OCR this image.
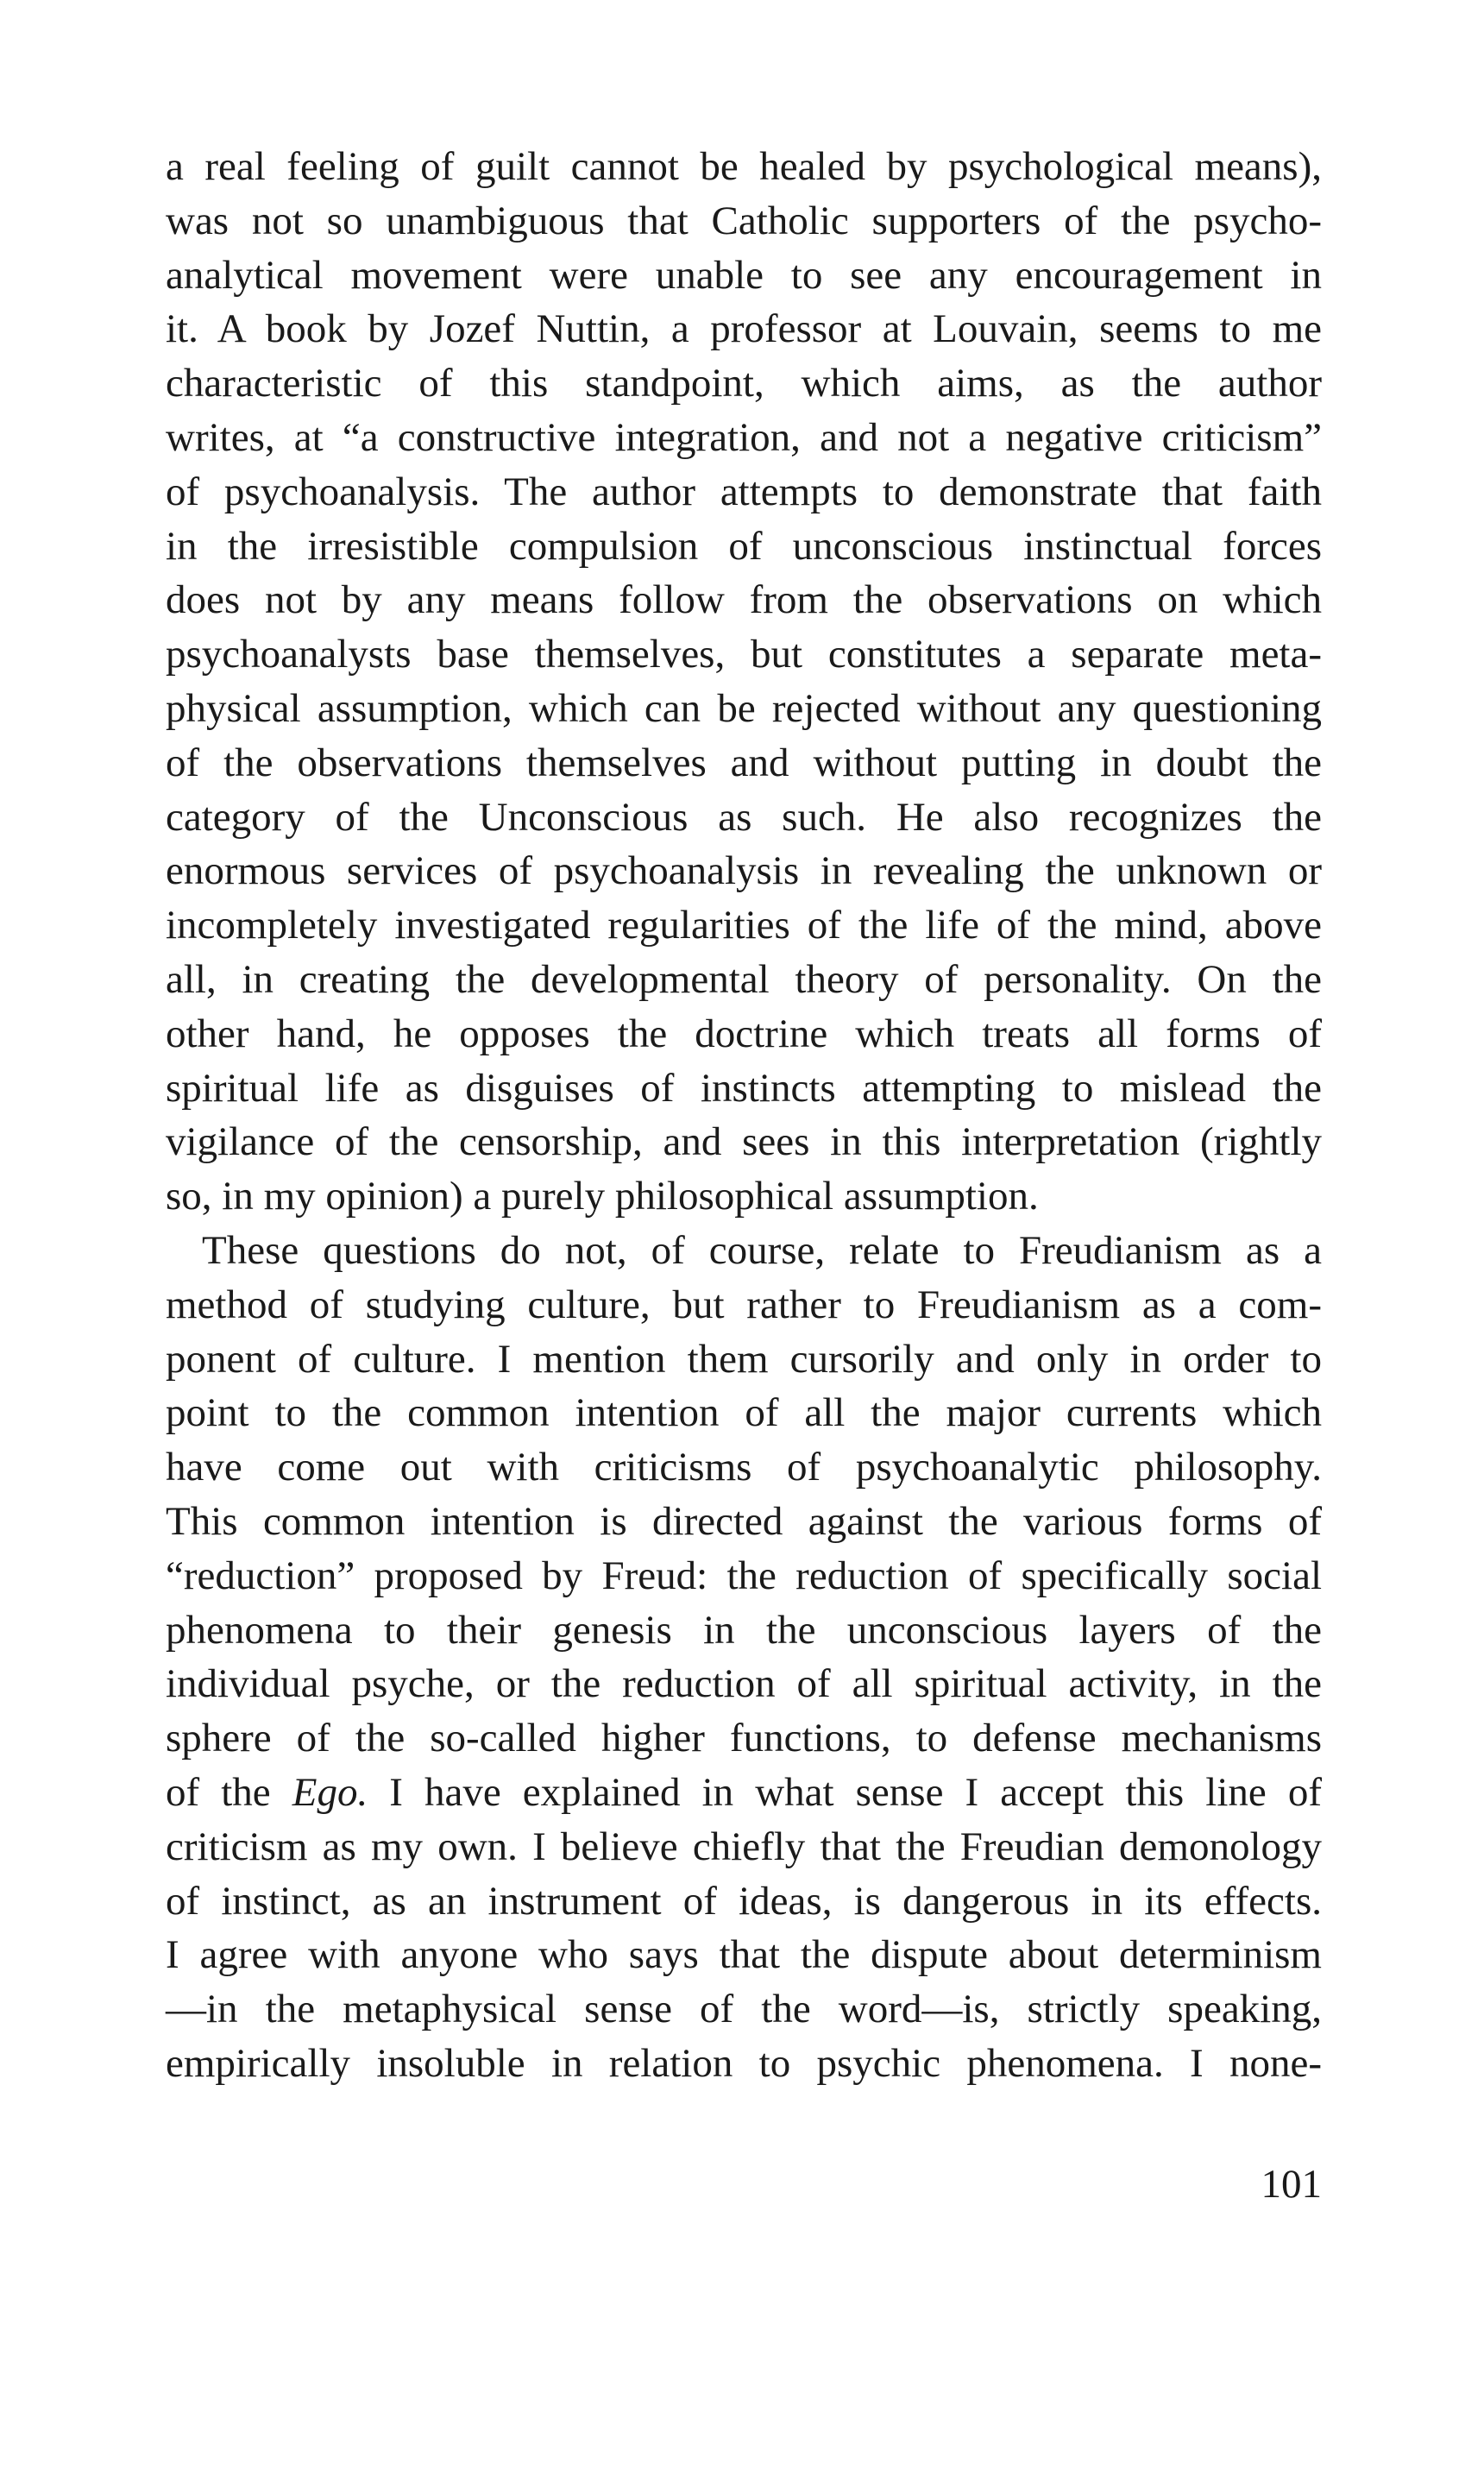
a real feeling of guilt cannot be healed by psychological means),
was not so unambiguous that Catholic supporters of the psycho-
analytical movement were unable to see any encouragement in
it. A book by Jozef Nuttin, a professor at Louvain, seems to me
characteristic of this standpoint, which aims, as the author
writes, at “a constructive integration, and not a negative criticism”
of psychoanalysis. The author attempts to demonstrate that faith
in the irresistible compulsion of unconscious instinctual forces
does not by any means follow from the observations on which
psychoanalysts base themselves, but constitutes a separate meta-
physical assumption, which can be rejected without any questioning
of the observations themselves and without putting in doubt the
category of the Unconscious as such. He also recognizes the
enormous services of psychoanalysis in revealing the unknown or
incompletely investigated regularities of the life of the mind, above
all, in creating the developmental theory of personality. On the
other hand, he opposes the doctrine which treats all forms of
spiritual life as disguises of instincts attempting to mislead the
vigilance of the censorship, and sees in this interpretation (rightly
so, in my opinion) a purely philosophical assumption.
These questions do not, of course, relate to Freudianism as a
method of studying culture, but rather to Freudianism as a com-
ponent of culture. I mention them cursorily and only in order to
point to the common intention of all the major currents which
have come out with criticisms of psychoanalytic philosophy.
This common intention is directed against the various forms of
“reduction” proposed by Freud: the reduction of specifically social
phenomena to their genesis in the unconscious layers of the
individual psyche, or the reduction of all spiritual activity, in the
sphere of the so-called higher functions, to defense mechanisms
of the Ego. I have explained in what sense I accept this line of
criticism as my own. I believe chiefly that the Freudian demonology
of instinct, as an instrument of ideas, is dangerous in its effects.
I agree with anyone who says that the dispute about determinism
—in the metaphysical sense of the word—is, strictly speaking,
empirically insoluble in relation to psychic phenomena. I none-
101
